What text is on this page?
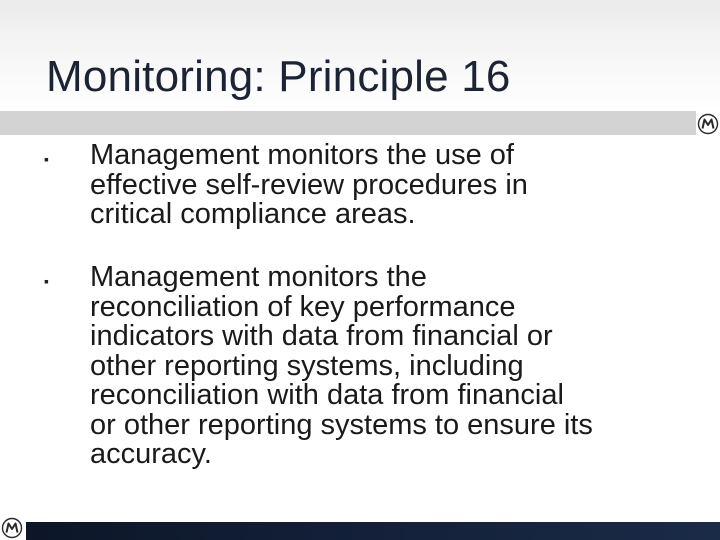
Monitoring: Principle 16
▪ Management monitors the use of
effective self-review procedures in
critical compliance areas.
▪ Management monitors the
reconciliation of key performance
indicators with data from financial or
other reporting systems, including
reconciliation with data from financial
or other reporting systems to ensure its
accuracy.
